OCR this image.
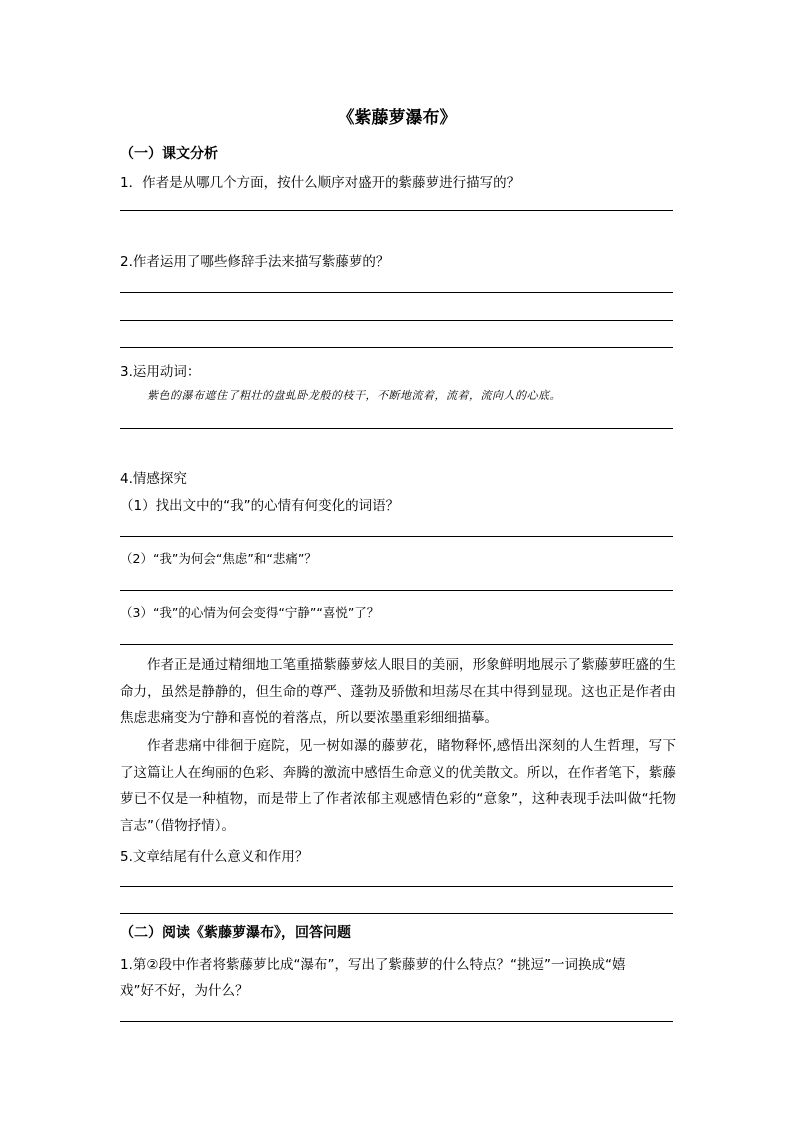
《紫藤萝瀑布》
（一）课文分析
1．作者是从哪几个方面，按什么顺序对盛开的紫藤萝进行描写的？
2.作者运用了哪些修辞手法来描写紫藤萝的？
3.运用动词：
紫色的瀑布遮住了粗壮的盘虬卧龙般的枝干，不断地流着，流着，流向人的心底。
4.情感探究
（1）找出文中的“我”的心情有何变化的词语？
（2）“我”为何会“焦虑”和“悲痛”？
（3）“我”的心情为何会变得“宁静”“喜悦”了？
作者正是通过精细地工笔重描紫藤萝炫人眼目的美丽，形象鲜明地展示了紫藤萝旺盛的生命力，虽然是静静的，但生命的尊严、蓬勃及骄傲和坦荡尽在其中得到显现。这也正是作者由焦虑悲痛变为宁静和喜悦的着落点，所以要浓墨重彩细细描摹。
作者悲痛中徘徊于庭院，见一树如瀑的藤萝花，睹物释怀,感悟出深刻的人生哲理，写下了这篇让人在绚丽的色彩、奔腾的激流中感悟生命意义的优美散文。所以，在作者笔下，紫藤萝已不仅是一种植物，而是带上了作者浓郁主观感情色彩的“意象”，这种表现手法叫做“托物言志”（借物抒情）。
5.文章结尾有什么意义和作用？
（二）阅读《紫藤萝瀑布》，回答问题
1.第②段中作者将紫藤萝比成“瀑布”，写出了紫藤萝的什么特点？“挑逗”一词换成“嬉
戏”好不好，为什么？
